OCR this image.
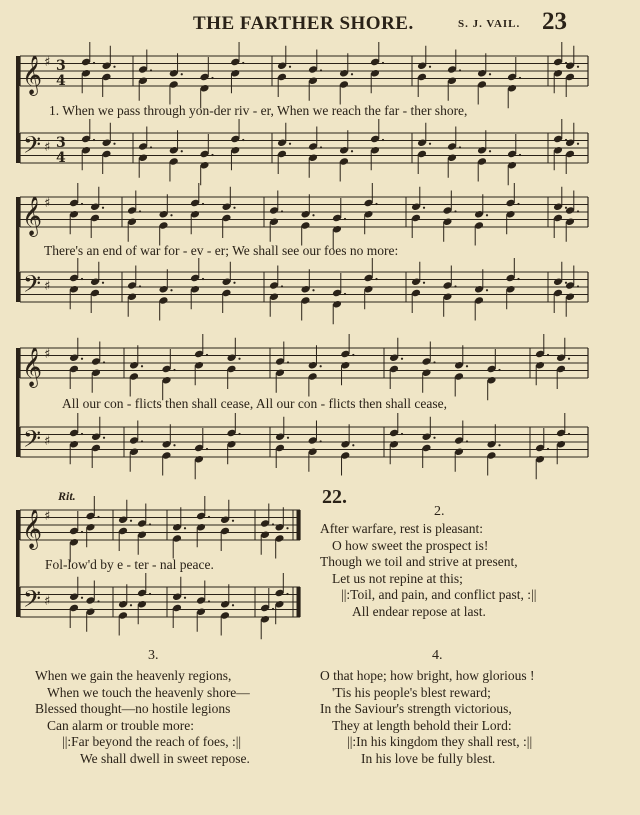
THE FARTHER SHORE.	S. J. VAIL. 23
𝄞 ♯ 3
4
𝄢 ♯ 3
4
𝄞 ♯
𝄢 ♯
𝄞 ♯
𝄢 ♯
𝄞 ♯
𝄢 ♯
1. When we pass through yon-der riv - er, When we reach the far - ther shore,
There's an end of war for - ev - er; We shall see our foes no more:
All our con - flicts then shall cease, All our con - flicts then shall cease,
Fol-low'd by e - ter - nal peace.
Rit.	22.
2.
After warfare, rest is pleasant:
O how sweet the prospect is!
Though we toil and strive at present,
Let us not repine at this;
||:Toil, and pain, and conflict past, :||
All endear repose at last.
3.
When we gain the heavenly regions,
When we touch the heavenly shore—
Blessed thought—no hostile legions
Can alarm or trouble more:
||:Far beyond the reach of foes, :||
We shall dwell in sweet repose.
4.
O that hope; how bright, how glorious !
'Tis his people's blest reward;
In the Saviour's strength victorious,
They at length behold their Lord:
||:In his kingdom they shall rest, :||
In his love be fully blest.
